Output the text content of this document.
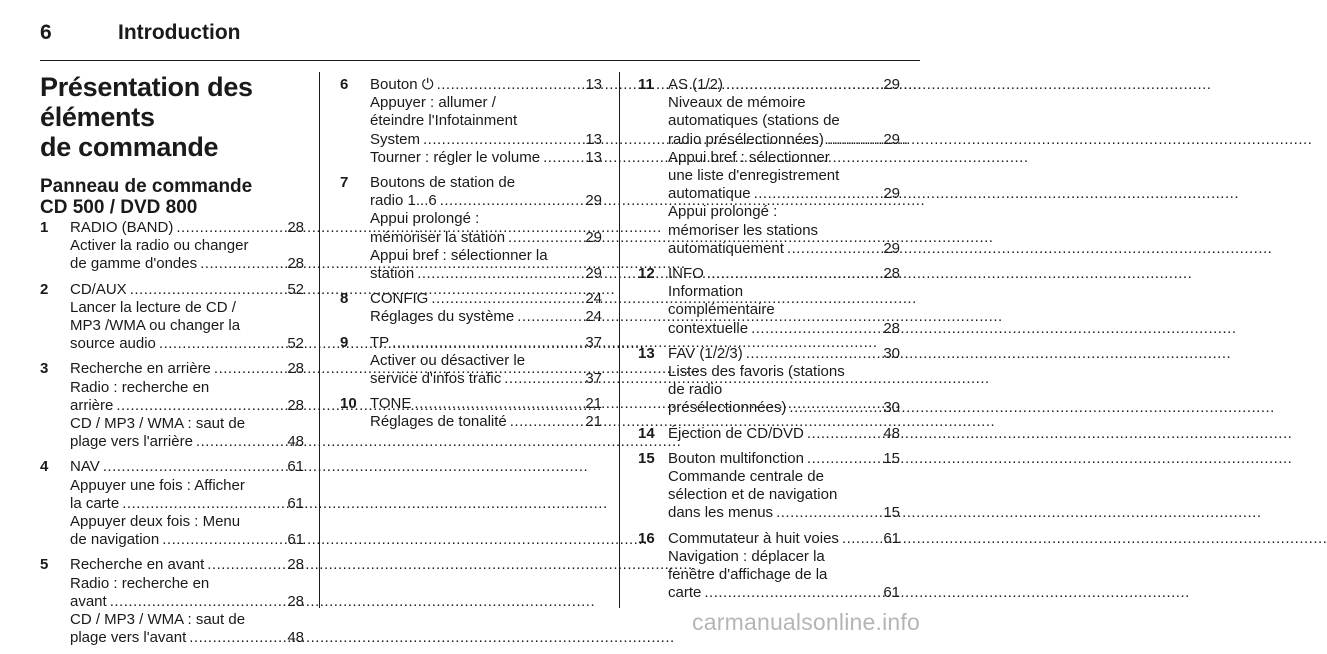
6	Introduction
Présentation des éléments
de commande
Panneau de commande
CD 500 / DVD 800
1	RADIO (BAND) .....	28
Activer la radio ou changer
de gamme d'ondes .....	28
2	CD/AUX .....	52
Lancer la lecture de CD /
MP3 /WMA ou changer la
source audio .....	52
3	Recherche en arrière .....	28
Radio : recherche en
arrière .....	28
CD / MP3 / WMA : saut de
plage vers l'arrière .....	48
4	NAV .....	61
Appuyer une fois : Afficher
la carte .....	61
Appuyer deux fois : Menu
de navigation .....	61
5	Recherche en avant .....	28
Radio : recherche en
avant .....	28
CD / MP3 / WMA : saut de
plage vers l'avant .....	48
6	Bouton ⏻ .....	13
Appuyer : allumer /
éteindre l'Infotainment
System .....	13
Tourner : régler le volume .....	13
7	Boutons de station de
radio 1...6 .....	29
Appui prolongé :
mémoriser la station .....	29
Appui bref : sélectionner la
station .....	29
8	CONFIG .....	24
Réglages du système .....	24
9	TP .....	37
Activer ou désactiver le
service d'infos trafic .....	37
10 TONE .....	21
Réglages de tonalité .....	21
11 AS (1/2) .....	29
Niveaux de mémoire
automatiques (stations de
radio présélectionnées) .....	29
Appui bref : sélectionner
une liste d'enregistrement
automatique .....	29
Appui prolongé :
mémoriser les stations
automatiquement .....	29
12 INFO .....	28
Information
complémentaire
contextuelle .....	28
13 FAV (1/2/3) .....	30
Listes des favoris (stations
de radio
présélectionnées) .....	30
14 Éjection de CD/DVD .....	48
15 Bouton multifonction .....	15
Commande centrale de
sélection et de navigation
dans les menus .....	15
16 Commutateur à huit voies .....	61
Navigation : déplacer la
fenêtre d'affichage de la
carte .....	61
carmanualsonline.info
